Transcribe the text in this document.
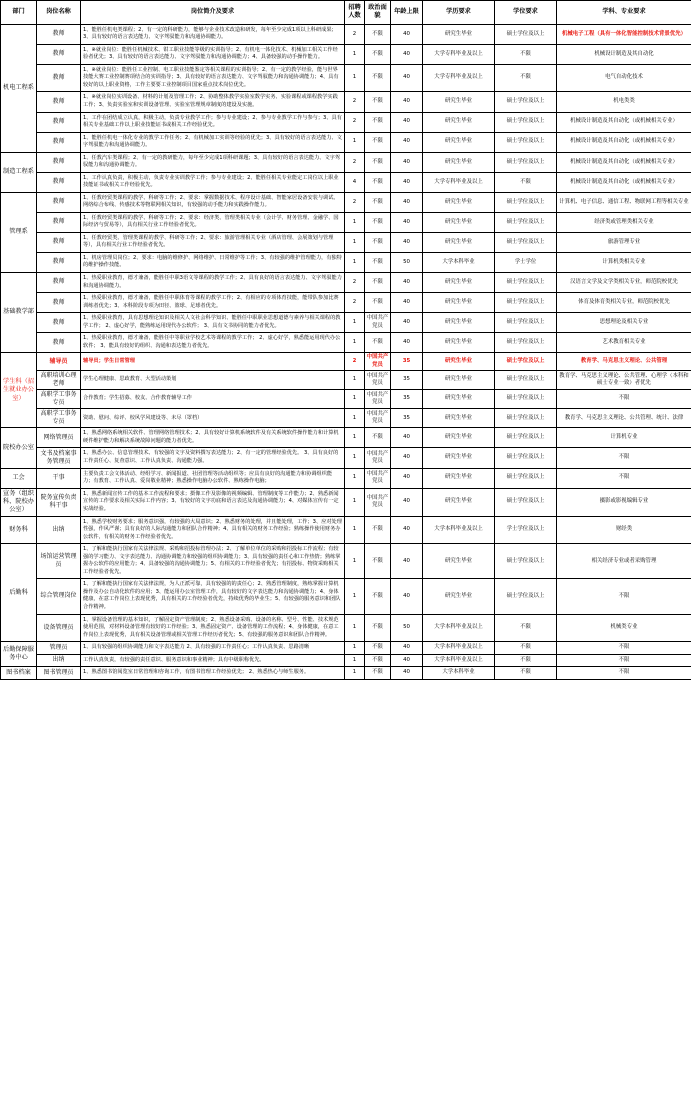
部门	岗位名称	岗位简介及要求	招聘人数	政治面貌	年龄上限	学历要求	学位要求	学科、专业要求
机电工程系	教师	1、能胜任机电类课程；2、有一定的科研能力，能够与企业技术改造和研发，每年至少完成1项以上科研成果；3、具有较好的语言表达能力、文字驾驭能力和沟通协调能力。	2	不限	40	研究生毕业	硕士学位及以上	机械电子工程（具有一体化智能控制技术背景优先）
	教师	1、※就业岗位：能胜任机械技术、钳工职业技能等级的实训指导；2、有机电一体化技术、机械加工相关工作经验者优先；3、具有较好的语言表达能力、文字驾驭能力和沟通协调能力；4、具备较强的动手操作能力。	1	不限	40	大学专科毕业及以上	不限	机械设计制造及其自动化
	教师	1、※就业岗位：能胜任工业控制、电工职业技能鉴定等相关课程的实训指导；2、有一定的教学经验，能与世界技能大赛工业控制赛项结合的实训指导；3、具有较好的语言表达能力、文字驾驭能力和沟通协调能力；4、具有较好的以上职业资格，工作主要要工业控制项目国家重点技术岗位优先。	1	不限	40	大学专科毕业及以上	不限	电气自动化技术
	教师	1、※就业岗位实训设备、材料的计划及管理工作；2、协助整体教学实验室数学实务、实验课程或课程教学实践工作；3、负责实验室和实训设备管理、实验室管理规章制度的建设及实施。	2	不限	40	研究生毕业	硕士学位及以上	机电类类
	教师	1、工作在团结成立认真，积极主动，负责专业教学工作；参与专业建设；2、参与专业教学工作与参与；3、具有相关专业基础工作以上职业技能证书或相关工作经验优先。	2	不限	40	研究生毕业	硕士学位及以上	机械设计制造及其自动化（或机械相关专业）
	教师	1、能胜任机电一体化专业的教学工作任务；2、有机械加工实训等经验的优先；3、具有较好的语言表达能力、文字驾驭能力和沟通协调能力。	1	不限	40	研究生毕业	硕士学位及以上	机械设计制造及其自动化（或机械相关专业）
制造工程系	教师	1、任教汽车类课程；2、有一定的教研能力，每年至少完成1项科研课题；3、具有较好的语言表达能力、文字驾驭能力和沟通协调能力。	2	不限	40	研究生毕业	硕士学位及以上	机械设计制造及其自动化（或机械相关专业）
	教师	1、工作认真负责，积极主动，负责专业实训教学工作；参与专业建设；2、能胜任相关专业能定工岗位以上职业技能证书或相关工作经验优先。	4	不限	40	大学专科毕业及以上	不限	机械设计制造及其自动化（或机械相关专业）
管理系	教师	1、任教经贸类课程的教学、科研等工作；2、要求：掌握数据技术、程序设计基础、智能家居设备安装与调试、网络综合布线、传感技术等物联网相关知识，有较强的动手能力和实践操作能力。	2	不限	40	研究生毕业	硕士学位及以上	计算机、电子信息、通信工程、物联网工程等相关专业
	教师	1、任教经贸类课程的教学、科研等工作；2、要求：经济类、管理类相关专业（会计学、财务管理、金融学、国际经济与贸易等），具有相关行业工作经验者优先。	1	不限	40	研究生毕业	硕士学位及以上	经济类或管理类相关专业
	教师	1、任教经贸类、管理类课程的教学、科研等工作；2、要求：旅游管理相关专业（酒店管理、会展策划与管理等），具有相关行业工作经验者优先。	1	不限	40	研究生毕业	硕士学位及以上	旅游管理专业
	教师	1、机房管理员岗位；2、要求：电脑的维修护、网络维护、日常维护等工作；3、有较强的维护管理能力，有独特的维护操作技能。	1	不限	50	大学本科毕业	学士学位	计算机类相关专业
基础教学部	教师	1、热爱职业教育，德才兼备，能胜任中职3语文等课程的教学工作；2、具有良好的语言表达能力、文字驾驭能力和沟通协调能力。	2	不限	40	研究生毕业	硕士学位及以上	汉语言文学及文学类相关专业，师范院校优先
	教师	1、热爱职业教育，德才兼备，能胜任中职体育等课程的教学工作；2、有相应的专项体育技能，能带队参加比赛训练者优先；3、本科阶段专项为田径、篮球、足球者优先。	2	不限	40	研究生毕业	硕士学位及以上	体育及体育类相关专业，师范院校优先
	教师	1、热爱职业教育，具有思想理论知识及相关人文社会科学知识、能胜任中职职业思想道德与素养与相关课程的教学工作； 2、虚心好学，能熟练运用现代办公软件； 3、具有文书协同的能力者优先。	1	中国共产党员	40	研究生毕业	硕士学位及以上	思想理论及相关专业
	教师	1、热爱职业教育，德才兼备，能胜任中等职业学校艺术等课程的教学工作； 2、虚心好学，熟悉能运用现代办公软件； 3、能具有较好的组织、沟通和表达能力者优先。	1	不限	40	研究生毕业	硕士学位及以上	艺术教育相关专业
学生科（招生就业办公室）	辅导员	辅导员；学生日常管理	2	中国共产党员	35	研究生毕业	硕士学位及以上	教育学、马克思主义理论、公共管理
	高职培训心理老师	学生心理健康、思政教育、大型活动策划	1	中国共产党员	35	研究生毕业	硕士学位及以上	教育学、马克思主义理论、公共管理、心理学（本科和硕士专业一致）者优先
	高职学工事务专员	合作教育；学生招募、校友、合作教育辅导工作	1	中国共产党员	35	研究生毕业	硕士学位及以上	不限
	高职学工事务专员	资助、慰问、综评、校风学风建设等、未尽（罩档）	1	中国共产党员	35	研究生毕业	硕士学位及以上	教育学、马克思主义理论、公共管理、统计、法律
院校办公室	网络管理员	1、熟悉网络系统相关软件、管理网络管理技术；2、具有较好计算机系统软件及有关系统软件操作能力和计算机硬件维护能力和解决系统故障问题的能力者优先。	1	不限	40	研究生毕业	硕士学位及以上	计算机专业
	文书及档案事务管理员	1、熟悉办公、信息管理技术、有较强的文字及资料撰写表达能力；2、有一定的管理经验优先。 3、具有良好的工作责任心、复查意识、工作认真负责、沟通能力强。	1	中国共产党员	40	研究生毕业	硕士学位及以上	不限
工会	干事	主要负责工会文体活动、经组学习、新闻报道、社团管理等活动组织等；应具有良好的沟通能力和协调组织能力；有教育、工作认真、爱岗敬业精神；熟悉操作电脑办公软件、熟练操作电脑；	1	中国共产党员	40	研究生毕业	硕士学位及以上	不限
宣务（组织科、院校办公室）	院务宣传负责科干事	1、熟悉新闻宣传工作的基本工作流程和要求；摄像工作及影像的视频编辑、管理制度等工作能力；2、熟悉新闻宣传的工作要求及相关实际工作内容；3、有较好的文字功底和语言表达及沟通协调能力；4、对媒体宣传有一定实战经验。	1	中国共产党员	40	研究生毕业	硕士学位及以上	摄影或影视编辑专业
财务科	出纳	1、熟悉学校财务要求；服务意识强，有较强的大局意识；2、熟悉财务的处理，并且能处理，工作；3、应对处理性强，作风严谨；具有良好的人际沟通能力和团队合作精神；4、具有相关的财务工作经验；熟练操作使用财务办公软件，有相关的财务工作经验者优先。	1	不限	40	大学本科毕业及以上	学士学位及以上	财经类
后勤科	场馆运营管理员	1、了解和能执行国家有关法律法规、采购和招投标管理办法；2、了解单位单位的采购和招投标工作流程；有较强的学习能力、文字表达能力、沟通协调能力和较强的组织协调能力；3、具有较强的责任心和工作热情；熟练掌握办公软件的应用能力；4、具备较强的沟通协调能力；5、有相关的工作经验者优先；有招投标、物资采购相关工作经验者优先。	1	不限	40	研究生毕业	硕士学位及以上	相关经济专业或者采购管理
	综合管理岗位	1、了解和能执行国家有关法律法规，为人正派可靠，具有较强的的责任心；2、熟悉管理制度，熟练掌握计算机操作及办公自动化软件的应用；3、能运用办公室管理工作，具有较好的文字表达能力和沟通协调能力；4、身体健康，在意工作岗位上表现优秀，具有相关的工作经验者优先，持续优秀的毕业生；5、有较强的服务意识和团队合作精神。	1	不限	40	研究生毕业	硕士学位及以上	不限
	设备管理员	1、掌握设备管理的基本知识，了解固定资产管理制度；2、熟悉设备采购、设备的名称、型号、性能、技术规范使用范围，对材料设备管理有较好的工作经验；3、熟悉固定资产、设备管理的工作流程；4、身体健康，在意工作岗位上表现优秀，具有相关设备管理或相关管理工作经历者优先；5、有较强的服务意识和团队合作精神。	1	不限	50	大学本科毕业及以上	不限	机械类专业
后勤保障服务中心	管理员	1、具有较强的组织协调能力和文字表达能力 2、具有较强的工作责任心；工作认真负责、思路清晰	1	不限	40	大学本科毕业及以上	不限	不限
	出纳	工作认真负责，有较强的责任意识、服务意识和事业精神；具有中级职称优先。	1	不限	40	大学本科毕业及以上	不限	不限
图书档案	图书管理员	1、熟悉图书馆阅览室日常管理和咨询工作，有图书管理工作经验优先； 2、熟悉热心与师生服务。	1	不限	40	大学本科毕业	不限	不限
